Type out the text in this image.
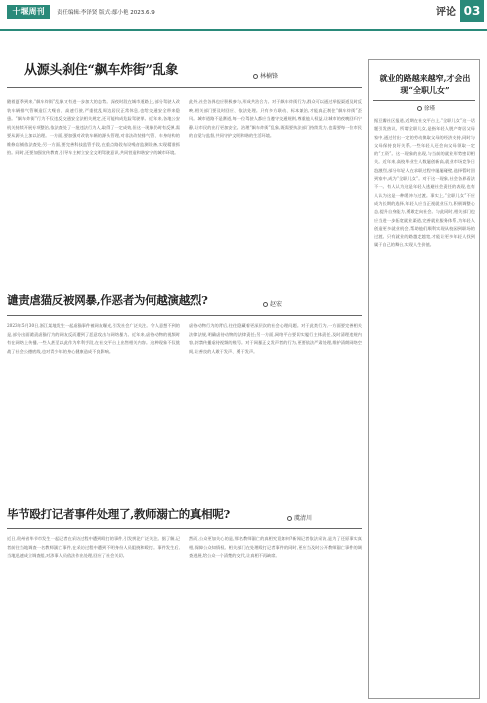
十堰周刊	责任编辑:李泽贤 版式:鄢小艳 2023.6.9	评论 03
从源头刹住“飙车炸街”乱象	林楠锋
随着夏季到来,“飙车炸街”乱象又有进一步加大的态势。深夜时段在城市道路上,部分驾驶人改装车辆排气管制造巨大噪音、高速行驶,严重扰乱周边居民正常休息,也给交通安全带来隐患。“飙车炸街”行为不仅违反交通安全法相关规定,还可能构成危险驾驶罪。近年来,各地公安机关持续开展专项整治,依法查处了一批违法行为人,取得了一定成效,但这一现象仍时有反弹,需要从源头上加以治理。一方面,要加强对改装车辆的源头管理,对非法改装排气管、车身结构的维修店铺依法查处;另一方面,要完善科技监管手段,在重点路段布设噪音监测设备,实现精准抓拍。同时,还要加强宣传教育,引导车主树立安全文明驾驶意识,共同营造和谐安宁的城市环境。
此外,社会各界也应积极参与,形成共治合力。对于飙车炸街行为,群众可以通过举报渠道及时反映,相关部门要及时回应、依法处理。只有多方联动、标本兼治,才能真正刹住“飙车炸街”歪风。城市道路不是赛道,每一位驾驶人都应当遵守交通规则,尊重他人权益,让城市的夜晚回归宁静,让市民的出行更加安全。治理“飙车炸街”乱象,既需要执法部门持续发力,也需要每一位市民的自觉与监督,共同守护文明和谐的生活环境。
谴责虐猫反被网暴,作恶者为何越演越烈?	赵宏
2023年5月30日,浙江某地发生一起虐猫事件被网友曝光,引发社会广泛关注。令人意想不到的是,部分出面谴责虐猫行为的网友反而遭到了恶意攻击与网络暴力。近年来,虐待动物的视频时有在网络上传播,一些人甚至以此作为牟利手段,在社交平台上出售相关内容。这种现象不仅挑战了社会公德底线,也对青少年的身心健康造成不良影响。
虐待动物行为的背后,往往隐藏着更深层次的社会心理问题。对于此类行为,一方面要完善相关法律法规,明确虐待动物的法律责任;另一方面,网络平台要切实履行主体责任,及时清理违规内容,封禁传播虐待视频的账号。对于网暴正义发声者的行为,更要依法严肃处理,维护清朗网络空间,让善良的人敢于发声、勇于发声。
毕节殴打记者事件处理了,教师溺亡的真相呢?	虞清川
近日,贵州省毕节市发生一起记者在采访过程中遭到殴打的事件,引发舆论广泛关注。据了解,记者前往当地调查一名教师溺亡事件,在采访过程中遭到不明身份人员阻挠和殴打。事件发生后,当地迅速成立调查组,对涉事人员依法作出处理,回应了社会关切。
然而,公众更加关心的是,那名教师溺亡的真相究竟如何?新闻记者依法采访,是为了还原事实真相,保障公众知情权。相关部门在处理殴打记者事件的同时,更应当及时公开教师溺亡事件的调查进展,给公众一个清楚的交代,让真相不再缺席。
就业的路越来越窄,才会出现“全职儿女”
徐瑾
据豆瓣社区报道,近期在社交平台上,“全职儿女”这一话题引发热议。所谓全职儿女,是指年轻人脱产寄居父母家中,通过付出一定的劳动换取父母的经济支持,同时与父母保持良好关系,一些年轻人还会向父母领取一定的“工资”。这一现象的出现,与当前的就业形势密切相关。近年来,高校毕业生人数屡创新高,就业市场竞争日趋激烈,部分年轻人在求职过程中屡屡碰壁,选择暂时回到家中,成为“全职儿女”。对于这一现象,社会各界看法不一。有人认为这是年轻人逃避社会责任的表现,也有人认为这是一种缓冲与过渡。事实上,“全职儿女”不应成为长期的选择,年轻人应当正视就业压力,积极调整心态,提升自身能力,勇敢走向社会。与此同时,相关部门也应当进一步拓宽就业渠道,完善就业服务体系,为年轻人创造更多就业机会,帮助他们顺利实现从校园到职场的过渡。只有就业的路越走越宽,才能让更多年轻人找到属于自己的舞台,实现人生价值。
